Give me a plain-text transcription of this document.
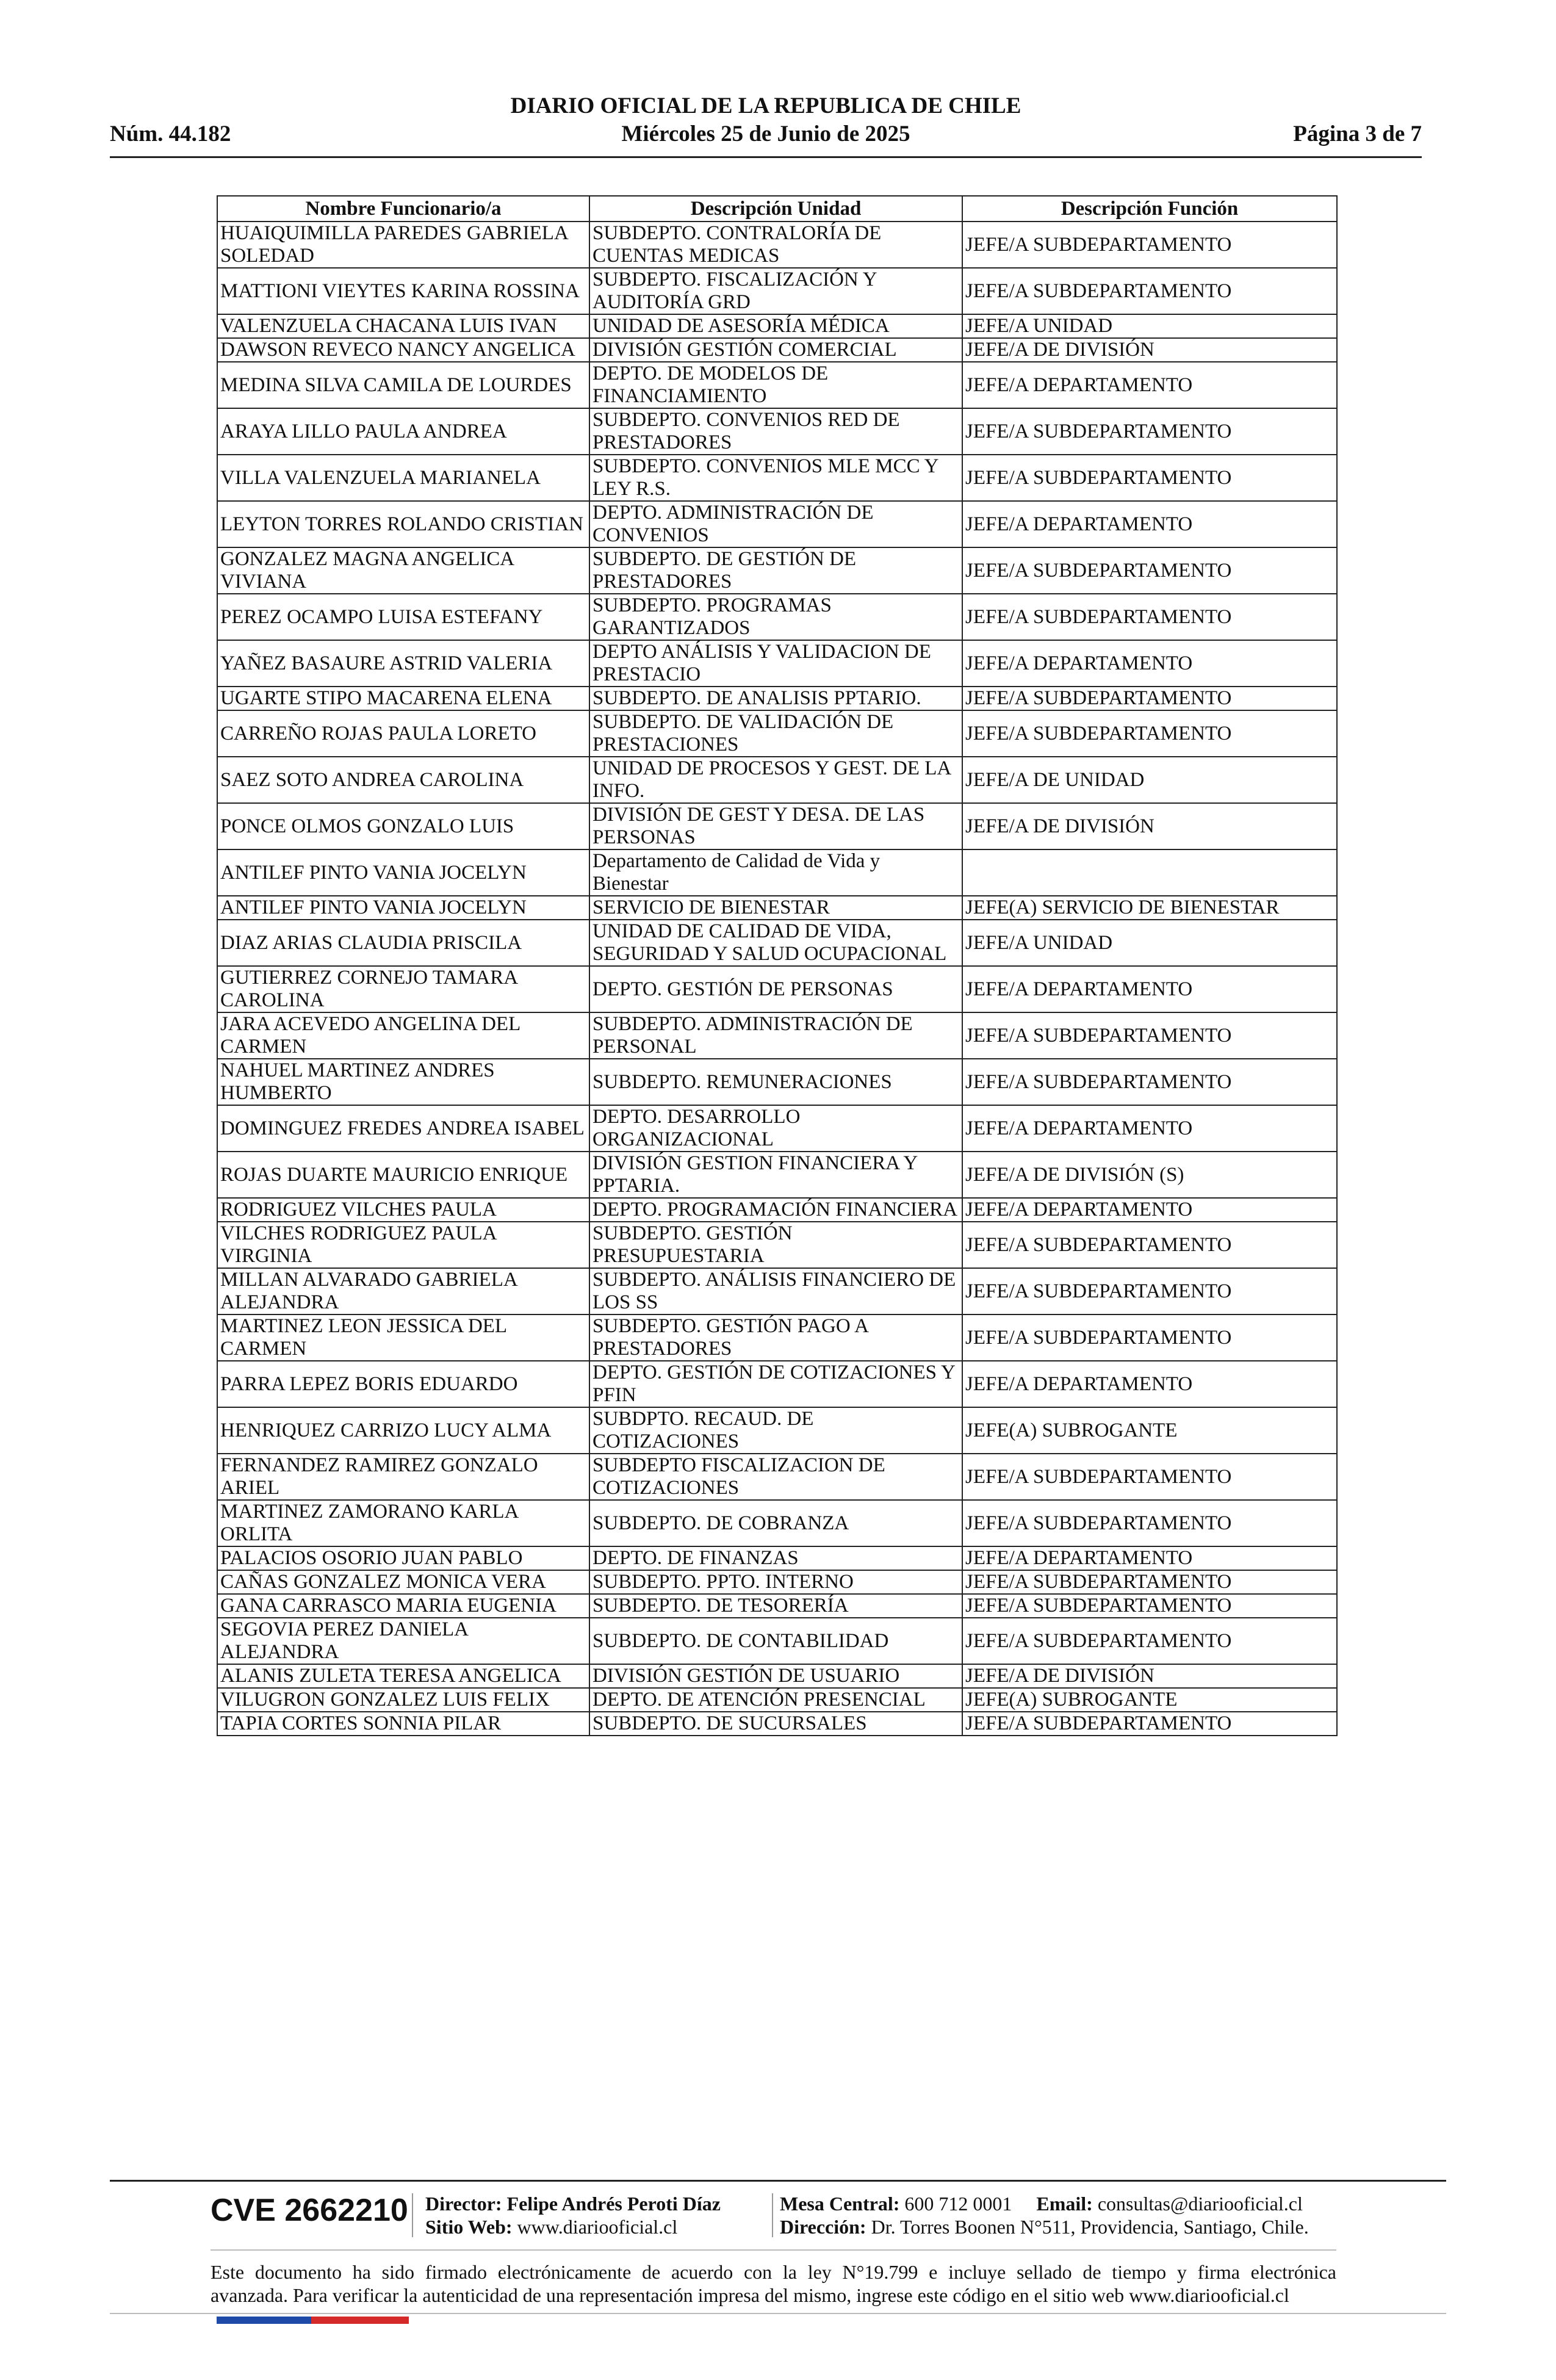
DIARIO OFICIAL DE LA REPUBLICA DE CHILE
Núm. 44.182	Miércoles 25 de Junio de 2025	Página 3 de 7
Nombre Funcionario/a	Descripción Unidad	Descripción Función
HUAIQUIMILLA PAREDES GABRIELA SOLEDAD	SUBDEPTO. CONTRALORÍA DE CUENTAS MEDICAS	JEFE/A SUBDEPARTAMENTO
MATTIONI VIEYTES KARINA ROSSINA	SUBDEPTO. FISCALIZACIÓN Y AUDITORÍA GRD	JEFE/A SUBDEPARTAMENTO
VALENZUELA CHACANA LUIS IVAN	UNIDAD DE ASESORÍA MÉDICA	JEFE/A UNIDAD
DAWSON REVECO NANCY ANGELICA	DIVISIÓN GESTIÓN COMERCIAL	JEFE/A DE DIVISIÓN
MEDINA SILVA CAMILA DE LOURDES	DEPTO. DE MODELOS DE FINANCIAMIENTO	JEFE/A DEPARTAMENTO
ARAYA LILLO PAULA ANDREA	SUBDEPTO. CONVENIOS RED DE PRESTADORES	JEFE/A SUBDEPARTAMENTO
VILLA VALENZUELA MARIANELA	SUBDEPTO. CONVENIOS MLE MCC Y LEY R.S.	JEFE/A SUBDEPARTAMENTO
LEYTON TORRES ROLANDO CRISTIAN	DEPTO. ADMINISTRACIÓN DE CONVENIOS	JEFE/A DEPARTAMENTO
GONZALEZ MAGNA ANGELICA VIVIANA	SUBDEPTO. DE GESTIÓN DE PRESTADORES	JEFE/A SUBDEPARTAMENTO
PEREZ OCAMPO LUISA ESTEFANY	SUBDEPTO. PROGRAMAS GARANTIZADOS	JEFE/A SUBDEPARTAMENTO
YAÑEZ BASAURE ASTRID VALERIA	DEPTO ANÁLISIS Y VALIDACION DE PRESTACIO	JEFE/A DEPARTAMENTO
UGARTE STIPO MACARENA ELENA	SUBDEPTO. DE ANALISIS PPTARIO.	JEFE/A SUBDEPARTAMENTO
CARREÑO ROJAS PAULA LORETO	SUBDEPTO. DE VALIDACIÓN DE PRESTACIONES	JEFE/A SUBDEPARTAMENTO
SAEZ SOTO ANDREA CAROLINA	UNIDAD DE PROCESOS Y GEST. DE LA INFO.	JEFE/A DE UNIDAD
PONCE OLMOS GONZALO LUIS	DIVISIÓN DE GEST Y DESA. DE LAS PERSONAS	JEFE/A DE DIVISIÓN
ANTILEF PINTO VANIA JOCELYN	Departamento de Calidad de Vida y Bienestar	
ANTILEF PINTO VANIA JOCELYN	SERVICIO DE BIENESTAR	JEFE(A) SERVICIO DE BIENESTAR
DIAZ ARIAS CLAUDIA PRISCILA	UNIDAD DE CALIDAD DE VIDA, SEGURIDAD Y SALUD OCUPACIONAL	JEFE/A UNIDAD
GUTIERREZ CORNEJO TAMARA CAROLINA	DEPTO. GESTIÓN DE PERSONAS	JEFE/A DEPARTAMENTO
JARA ACEVEDO ANGELINA DEL CARMEN	SUBDEPTO. ADMINISTRACIÓN DE PERSONAL	JEFE/A SUBDEPARTAMENTO
NAHUEL MARTINEZ ANDRES HUMBERTO	SUBDEPTO. REMUNERACIONES	JEFE/A SUBDEPARTAMENTO
DOMINGUEZ FREDES ANDREA ISABEL	DEPTO. DESARROLLO ORGANIZACIONAL	JEFE/A DEPARTAMENTO
ROJAS DUARTE MAURICIO ENRIQUE	DIVISIÓN GESTION FINANCIERA Y PPTARIA.	JEFE/A DE DIVISIÓN (S)
RODRIGUEZ VILCHES PAULA	DEPTO. PROGRAMACIÓN FINANCIERA	JEFE/A DEPARTAMENTO
VILCHES RODRIGUEZ PAULA VIRGINIA	SUBDEPTO. GESTIÓN PRESUPUESTARIA	JEFE/A SUBDEPARTAMENTO
MILLAN ALVARADO GABRIELA ALEJANDRA	SUBDEPTO. ANÁLISIS FINANCIERO DE LOS SS	JEFE/A SUBDEPARTAMENTO
MARTINEZ LEON JESSICA DEL CARMEN	SUBDEPTO. GESTIÓN PAGO A PRESTADORES	JEFE/A SUBDEPARTAMENTO
PARRA LEPEZ BORIS EDUARDO	DEPTO. GESTIÓN DE COTIZACIONES Y PFIN	JEFE/A DEPARTAMENTO
HENRIQUEZ CARRIZO LUCY ALMA	SUBDPTO. RECAUD. DE COTIZACIONES	JEFE(A) SUBROGANTE
FERNANDEZ RAMIREZ GONZALO ARIEL	SUBDEPTO FISCALIZACION DE COTIZACIONES	JEFE/A SUBDEPARTAMENTO
MARTINEZ ZAMORANO KARLA ORLITA	SUBDEPTO. DE COBRANZA	JEFE/A SUBDEPARTAMENTO
PALACIOS OSORIO JUAN PABLO	DEPTO. DE FINANZAS	JEFE/A DEPARTAMENTO
CAÑAS GONZALEZ MONICA VERA	SUBDEPTO. PPTO. INTERNO	JEFE/A SUBDEPARTAMENTO
GANA CARRASCO MARIA EUGENIA	SUBDEPTO. DE TESORERÍA	JEFE/A SUBDEPARTAMENTO
SEGOVIA PEREZ DANIELA ALEJANDRA	SUBDEPTO. DE CONTABILIDAD	JEFE/A SUBDEPARTAMENTO
ALANIS ZULETA TERESA ANGELICA	DIVISIÓN GESTIÓN DE USUARIO	JEFE/A DE DIVISIÓN
VILUGRON GONZALEZ LUIS FELIX	DEPTO. DE ATENCIÓN PRESENCIAL	JEFE(A) SUBROGANTE
TAPIA CORTES SONNIA PILAR	SUBDEPTO. DE SUCURSALES	JEFE/A SUBDEPARTAMENTO
CVE 2662210 Director: Felipe Andrés Peroti Díaz
Sitio Web: www.diariooficial.cl
Mesa Central: 600 712 0001 Email: consultas@diariooficial.cl
Dirección: Dr. Torres Boonen N°511, Providencia, Santiago, Chile.
Este documento ha sido firmado electrónicamente de acuerdo con la ley N°19.799 e incluye sellado de tiempo y firma electrónica
avanzada. Para verificar la autenticidad de una representación impresa del mismo, ingrese este código en el sitio web www.diariooficial.cl
